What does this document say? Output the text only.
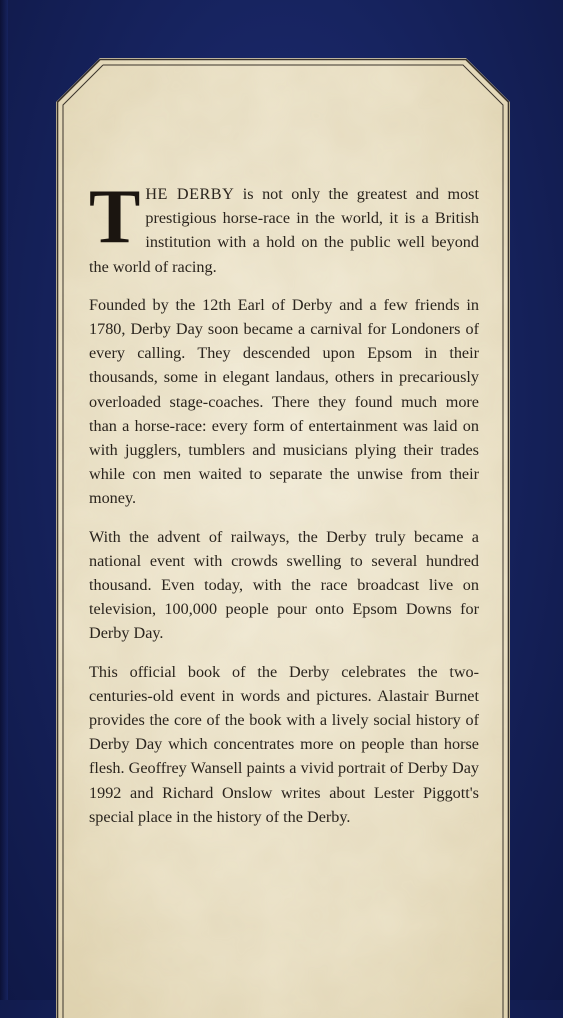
THE DERBY is not only the greatest and most prestigious horse-race in the world, it is a British institution with a hold on the public well beyond the world of racing.

Founded by the 12th Earl of Derby and a few friends in 1780, Derby Day soon became a carnival for Londoners of every calling. They descended upon Epsom in their thousands, some in elegant landaus, others in precariously overloaded stage-coaches. There they found much more than a horse-race: every form of entertainment was laid on with jugglers, tumblers and musicians plying their trades while con men waited to separate the unwise from their money.

With the advent of railways, the Derby truly became a national event with crowds swelling to several hundred thousand. Even today, with the race broadcast live on television, 100,000 people pour onto Epsom Downs for Derby Day.

This official book of the Derby celebrates the two-centuries-old event in words and pictures. Alastair Burnet provides the core of the book with a lively social history of Derby Day which concentrates more on people than horse flesh. Geoffrey Wansell paints a vivid portrait of Derby Day 1992 and Richard Onslow writes about Lester Piggott's special place in the history of the Derby.
